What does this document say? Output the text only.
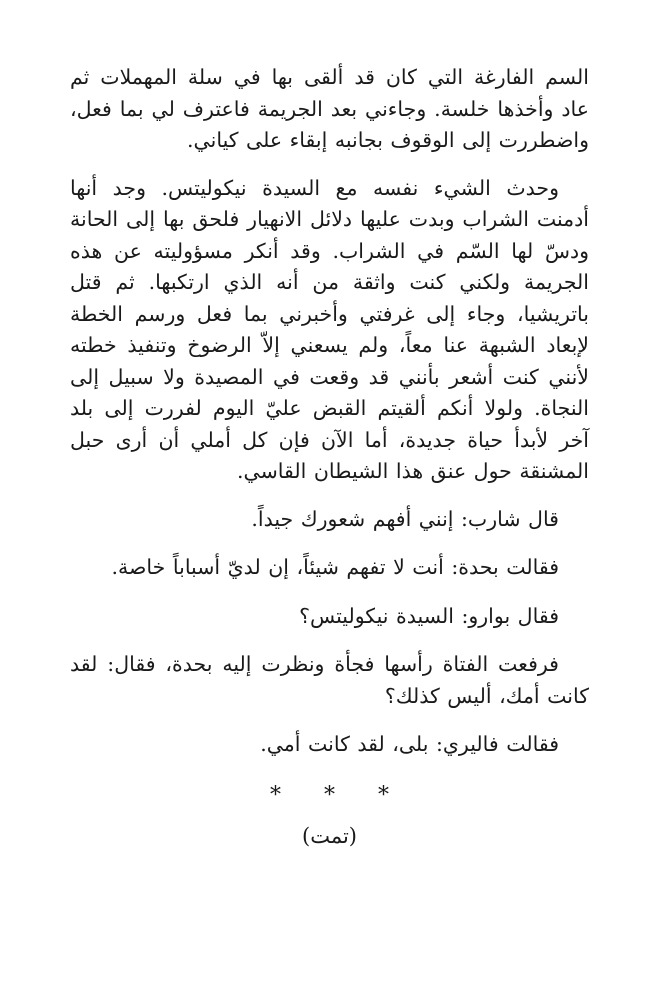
السم الفارغة التي كان قد ألقى بها في سلة المهملات ثم عاد وأخذها خلسة. وجاءني بعد الجريمة فاعترف لي بما فعل، واضطررت إلى الوقوف بجانبه إبقاء على كياني.

وحدث الشيء نفسه مع السيدة نيكوليتس. وجد أنها أدمنت الشراب وبدت عليها دلائل الانهيار فلحق بها إلى الحانة ودسّ لها السّم في الشراب. وقد أنكر مسؤوليته عن هذه الجريمة ولكني كنت واثقة من أنه الذي ارتكبها. ثم قتل باتريشيا، وجاء إلى غرفتي وأخبرني بما فعل ورسم الخطة لإبعاد الشبهة عنا معاً، ولم يسعني إلاّ الرضوخ وتنفيذ خطته لأنني كنت أشعر بأنني قد وقعت في المصيدة ولا سبيل إلى النجاة. ولولا أنكم ألقيتم القبض عليّ اليوم لفررت إلى بلد آخر لأبدأ حياة جديدة، أما الآن فإن كل أملي أن أرى حبل المشنقة حول عنق هذا الشيطان القاسي.

قال شارب: إنني أفهم شعورك جيداً.

فقالت بحدة: أنت لا تفهم شيئاً، إن لديّ أسباباً خاصة.

فقال بوارو: السيدة نيكوليتس؟

فرفعت الفتاة رأسها فجأة ونظرت إليه بحدة، فقال: لقد كانت أمك، أليس كذلك؟

فقالت فاليري: بلى، لقد كانت أمي.

* * *

(تمت)
